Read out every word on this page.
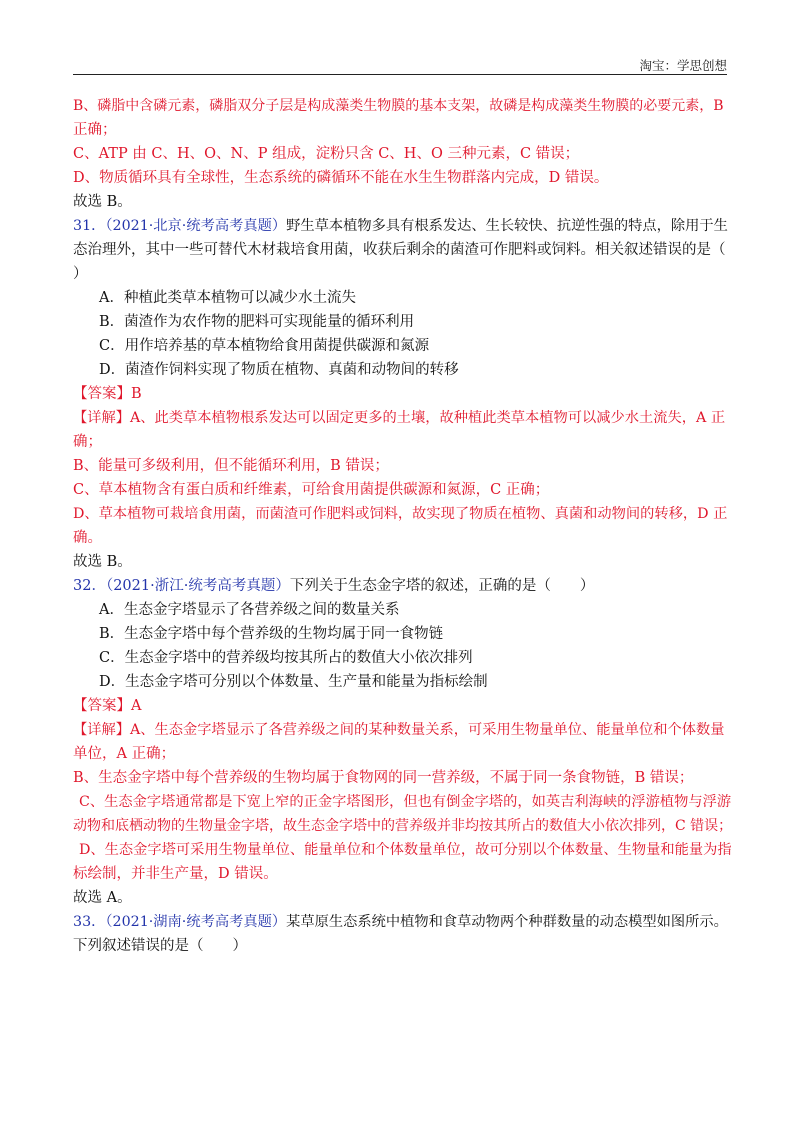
淘宝：学思创想

B、磷脂中含磷元素，磷脂双分子层是构成藻类生物膜的基本支架，故磷是构成藻类生物膜的必要元素，B

正确；

C、ATP 由 C、H、O、N、P 组成，淀粉只含 C、H、O 三种元素，C 错误；

D、物质循环具有全球性，生态系统的磷循环不能在水生生物群落内完成，D 错误。

故选 B。

31．（2021·北京·统考高考真题）野生草本植物多具有根系发达、生长较快、抗逆性强的特点，除用于生

态治理外，其中一些可替代木材栽培食用菌，收获后剩余的菌渣可作肥料或饲料。相关叙述错误的是（

）

A．种植此类草本植物可以减少水土流失

B．菌渣作为农作物的肥料可实现能量的循环利用

C．用作培养基的草本植物给食用菌提供碳源和氮源

D．菌渣作饲料实现了物质在植物、真菌和动物间的转移

【答案】B

【详解】A、此类草本植物根系发达可以固定更多的土壤，故种植此类草本植物可以减少水土流失，A 正

确；

B、能量可多级利用，但不能循环利用，B 错误；

C、草本植物含有蛋白质和纤维素，可给食用菌提供碳源和氮源，C 正确；

D、草本植物可栽培食用菌，而菌渣可作肥料或饲料，故实现了物质在植物、真菌和动物间的转移，D 正

确。

故选 B。

32．（2021·浙江·统考高考真题）下列关于生态金字塔的叙述，正确的是（　　）

A．生态金字塔显示了各营养级之间的数量关系

B．生态金字塔中每个营养级的生物均属于同一食物链

C．生态金字塔中的营养级均按其所占的数值大小依次排列

D．生态金字塔可分别以个体数量、生产量和能量为指标绘制

【答案】A

【详解】A、生态金字塔显示了各营养级之间的某种数量关系，可采用生物量单位、能量单位和个体数量

单位，A 正确；

B、生态金字塔中每个营养级的生物均属于食物网的同一营养级，不属于同一条食物链，B 错误；

C、生态金字塔通常都是下宽上窄的正金字塔图形，但也有倒金字塔的，如英吉利海峡的浮游植物与浮游

动物和底栖动物的生物量金字塔，故生态金字塔中的营养级并非均按其所占的数值大小依次排列，C 错误；

D、生态金字塔可采用生物量单位、能量单位和个体数量单位，故可分别以个体数量、生物量和能量为指

标绘制，并非生产量，D 错误。

故选 A。

33．（2021·湖南·统考高考真题）某草原生态系统中植物和食草动物两个种群数量的动态模型如图所示。

下列叙述错误的是（　　）
